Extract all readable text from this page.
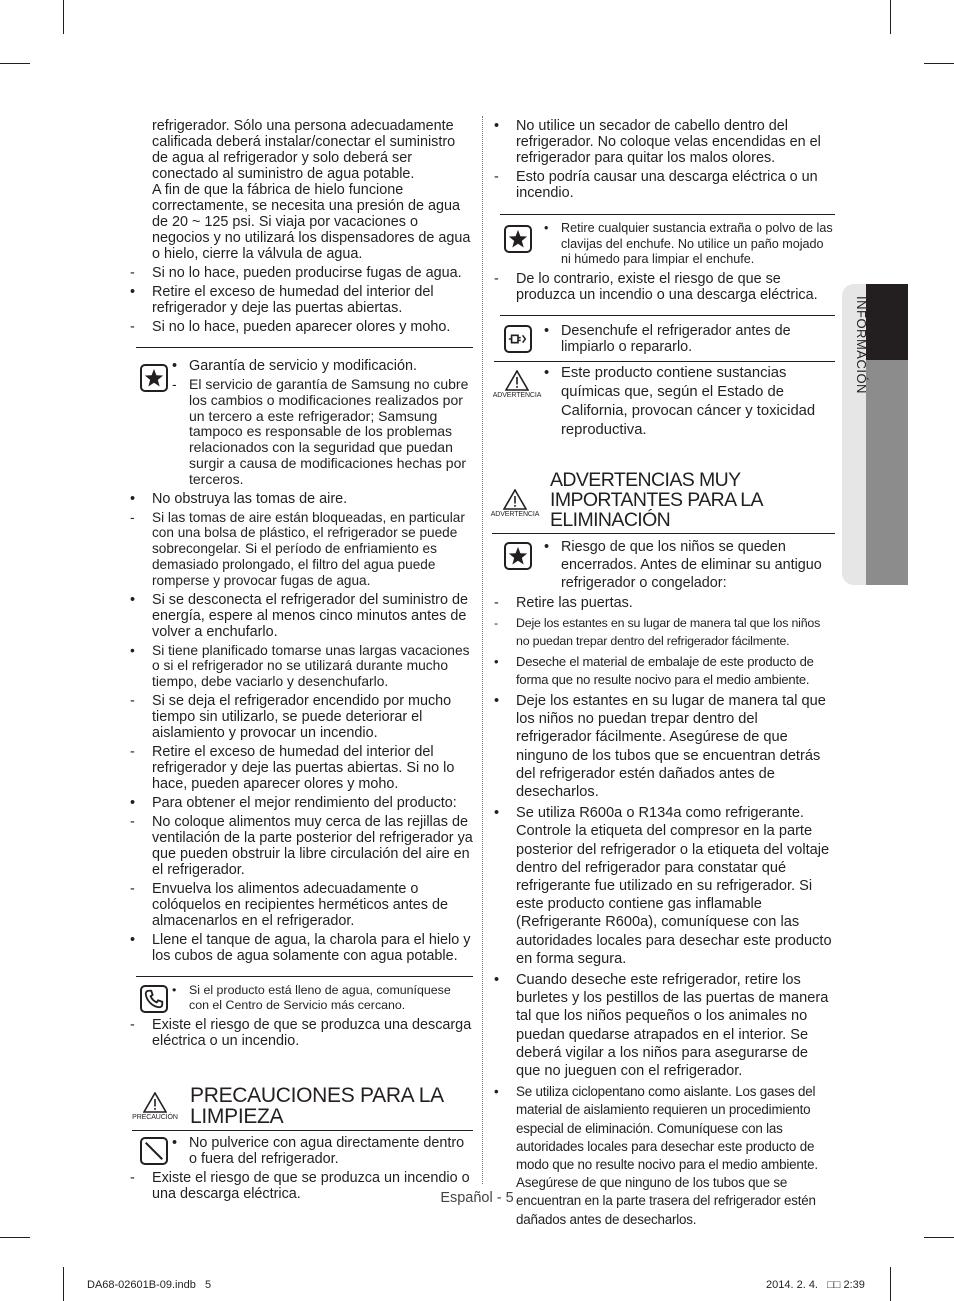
refrigerador. Sólo una persona adecuadamente calificada deberá instalar/conectar el suministro de agua al refrigerador y solo deberá ser conectado al suministro de agua potable.
A fin de que la fábrica de hielo funcione correctamente, se necesita una presión de agua de 20 ~ 125 psi. Si viaja por vacaciones o negocios y no utilizará los dispensadores de agua o hielo, cierre la válvula de agua.
- Si no lo hace, pueden producirse fugas de agua.
• Retire el exceso de humedad del interior del refrigerador y deje las puertas abiertas.
- Si no lo hace, pueden aparecer olores y moho.
• Garantía de servicio y modificación.
- El servicio de garantía de Samsung no cubre los cambios o modificaciones realizados por un tercero a este refrigerador; Samsung tampoco es responsable de los problemas relacionados con la seguridad que puedan surgir a causa de modificaciones hechas por terceros.
• No obstruya las tomas de aire.
- Si las tomas de aire están bloqueadas, en particular con una bolsa de plástico, el refrigerador se puede sobrecongelar. Si el período de enfriamiento es demasiado prolongado, el filtro del agua puede romperse y provocar fugas de agua.
• Si se desconecta el refrigerador del suministro de energía, espere al menos cinco minutos antes de volver a enchufarlo.
• Si tiene planificado tomarse unas largas vacaciones o si el refrigerador no se utilizará durante mucho tiempo, debe vaciarlo y desenchufarlo.
- Si se deja el refrigerador encendido por mucho tiempo sin utilizarlo, se puede deteriorar el aislamiento y provocar un incendio.
- Retire el exceso de humedad del interior del refrigerador y deje las puertas abiertas. Si no lo hace, pueden aparecer olores y moho.
• Para obtener el mejor rendimiento del producto:
- No coloque alimentos muy cerca de las rejillas de ventilación de la parte posterior del refrigerador ya que pueden obstruir la libre circulación del aire en el refrigerador.
- Envuelva los alimentos adecuadamente o colóquelos en recipientes herméticos antes de almacenarlos en el refrigerador.
• Llene el tanque de agua, la charola para el hielo y los cubos de agua solamente con agua potable.
• Si el producto está lleno de agua, comuníquese con el Centro de Servicio más cercano.
- Existe el riesgo de que se produzca una descarga eléctrica o un incendio.
PRECAUCIÓN
PRECAUCIONES PARA LA LIMPIEZA
• No pulverice con agua directamente dentro o fuera del refrigerador.
- Existe el riesgo de que se produzca un incendio o una descarga eléctrica.
• No utilice un secador de cabello dentro del refrigerador. No coloque velas encendidas en el refrigerador para quitar los malos olores.
- Esto podría causar una descarga eléctrica o un incendio.
• Retire cualquier sustancia extraña o polvo de las clavijas del enchufe. No utilice un paño mojado ni húmedo para limpiar el enchufe.
- De lo contrario, existe el riesgo de que se produzca un incendio o una descarga eléctrica.
• Desenchufe el refrigerador antes de limpiarlo o repararlo.
ADVERTENCIA
• Este producto contiene sustancias químicas que, según el Estado de California, provocan cáncer y toxicidad reproductiva.
ADVERTENCIA
ADVERTENCIAS MUY IMPORTANTES PARA LA ELIMINACIÓN
• Riesgo de que los niños se queden encerrados. Antes de eliminar su antiguo refrigerador o congelador:
- Retire las puertas.
- Deje los estantes en su lugar de manera tal que los niños no puedan trepar dentro del refrigerador fácilmente.
• Deseche el material de embalaje de este producto de forma que no resulte nocivo para el medio ambiente.
• Deje los estantes en su lugar de manera tal que los niños no puedan trepar dentro del refrigerador fácilmente. Asegúrese de que ninguno de los tubos que se encuentran detrás del refrigerador estén dañados antes de desecharlos.
• Se utiliza R600a o R134a como refrigerante. Controle la etiqueta del compresor en la parte posterior del refrigerador o la etiqueta del voltaje dentro del refrigerador para constatar qué refrigerante fue utilizado en su refrigerador. Si este producto contiene gas inflamable (Refrigerante R600a), comuníquese con las autoridades locales para desechar este producto en forma segura.
• Cuando deseche este refrigerador, retire los burletes y los pestillos de las puertas de manera tal que los niños pequeños o los animales no puedan quedarse atrapados en el interior. Se deberá vigilar a los niños para asegurarse de que no jueguen con el refrigerador.
• Se utiliza ciclopentano como aislante. Los gases del material de aislamiento requieren un procedimiento especial de eliminación. Comuníquese con las autoridades locales para desechar este producto de modo que no resulte nocivo para el medio ambiente. Asegúrese de que ninguno de los tubos que se encuentran en la parte trasera del refrigerador estén dañados antes de desecharlos.
INFORMACIÓN
Español - 5
DA68-02601B-09.indb   5	2014. 2. 4.   □□ 2:39
